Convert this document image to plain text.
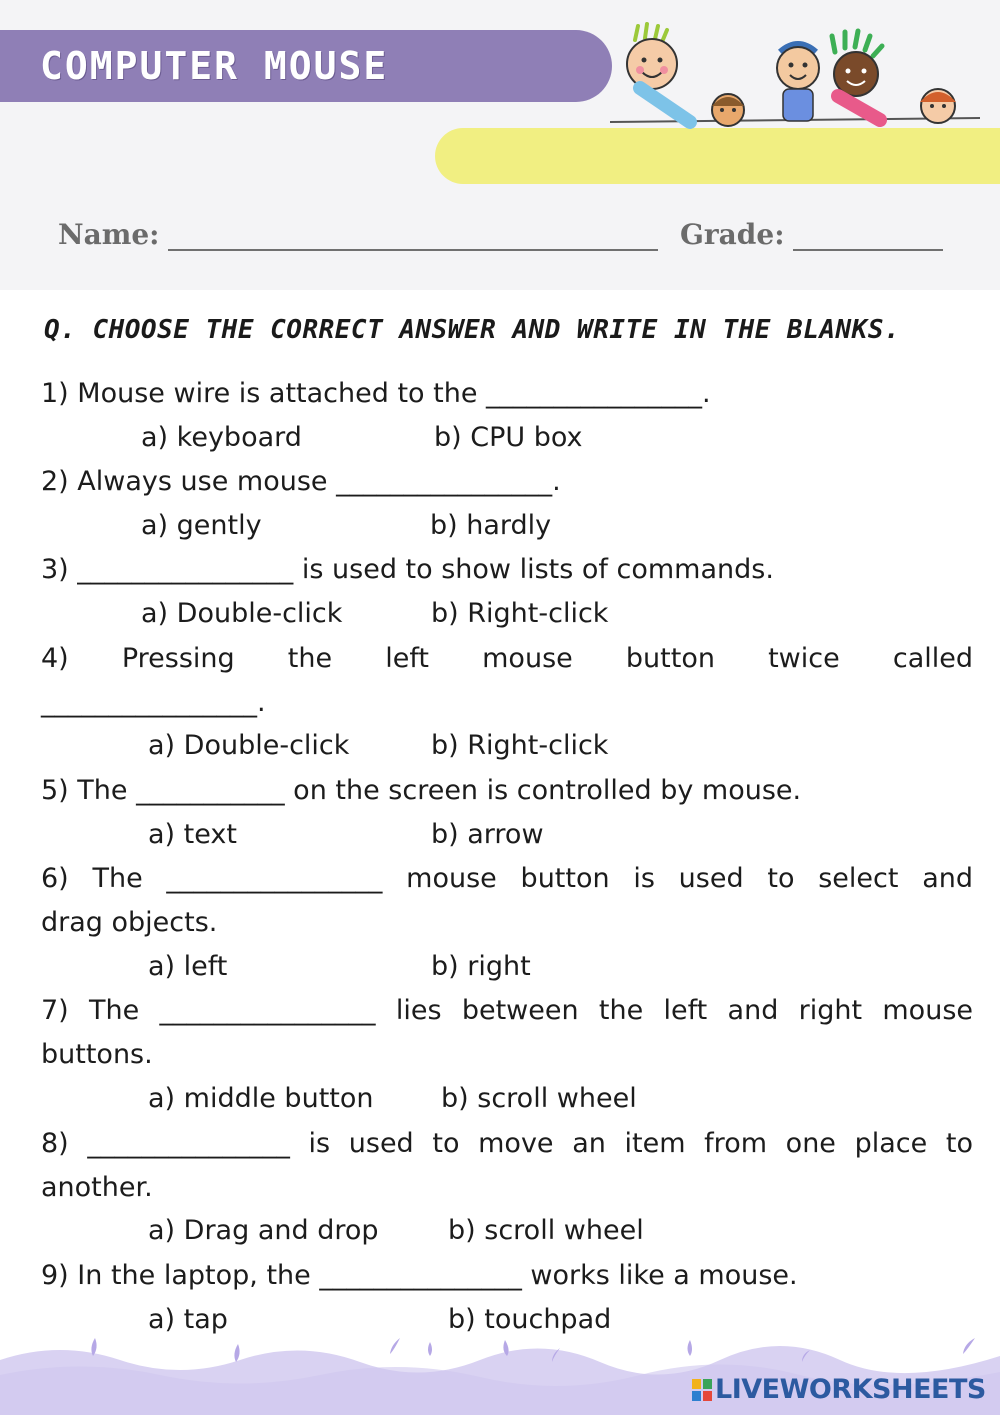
COMPUTER MOUSE
Name:	Grade:
Q. CHOOSE THE CORRECT ANSWER AND WRITE IN THE BLANKS.
1) Mouse wire is attached to the ________________.
a) keyboard	b) CPU box
2) Always use mouse ________________.
a) gently	b) hardly
3) ________________ is used to show lists of commands.
a) Double-click	b) Right-click
4) Pressing the left mouse button twice called
________________.
a) Double-click	b) Right-click
5) The ___________ on the screen is controlled by mouse.
a) text	b) arrow
6) The ________________ mouse button is used to select and
drag objects.
a) left	b) right
7) The ________________ lies between the left and right mouse
buttons.
a) middle button	b) scroll wheel
8) _______________ is used to move an item from one place to
another.
a) Drag and drop	b) scroll wheel
9) In the laptop, the _______________ works like a mouse.
a) tap	b) touchpad
LIVEWORKSHEETS
